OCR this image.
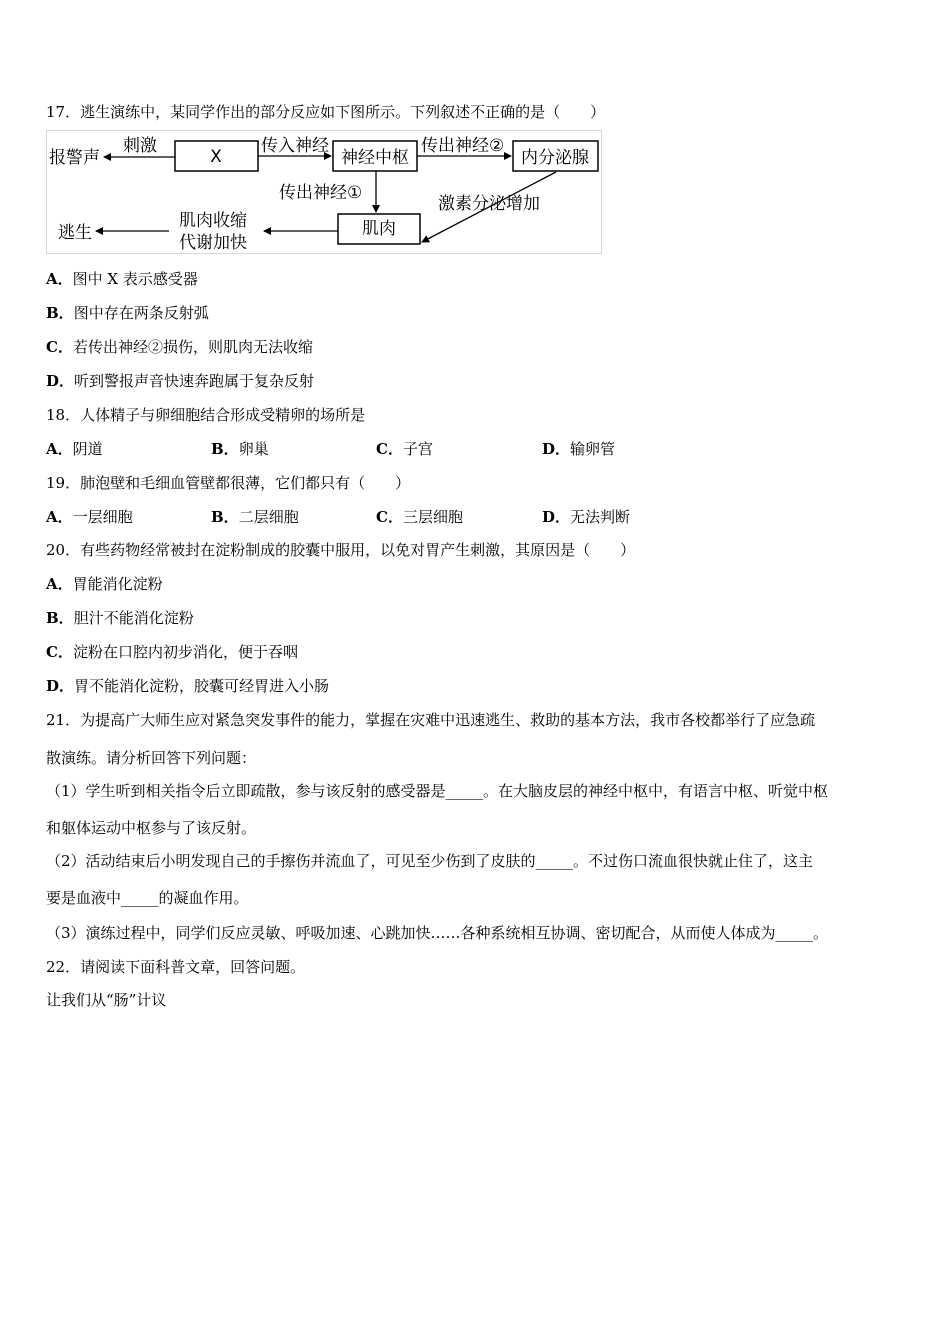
17．逃生演练中，某同学作出的部分反应如下图所示。下列叙述不正确的是（　　）
报警声
刺激
X
传入神经
神经中枢
传出神经②
内分泌腺
传出神经①
激素分泌增加
肌肉
肌肉收缩
代谢加快
逃生
A．图中 X 表示感受器
B．图中存在两条反射弧
C．若传出神经②损伤，则肌肉无法收缩
D．听到警报声音快速奔跑属于复杂反射
18．人体精子与卵细胞结合形成受精卵的场所是
A．阴道	B．卵巢	C．子宫	D．输卵管
19．肺泡壁和毛细血管壁都很薄，它们都只有（　　）
A．一层细胞	B．二层细胞	C．三层细胞	D．无法判断
20．有些药物经常被封在淀粉制成的胶囊中服用，以免对胃产生刺激，其原因是（　　）
A．胃能消化淀粉
B．胆汁不能消化淀粉
C．淀粉在口腔内初步消化，便于吞咽
D．胃不能消化淀粉，胶囊可经胃进入小肠
21．为提高广大师生应对紧急突发事件的能力，掌握在灾难中迅速逃生、救助的基本方法，我市各校都举行了应急疏
散演练。请分析回答下列问题：
（1）学生听到相关指令后立即疏散，参与该反射的感受器是_____。在大脑皮层的神经中枢中，有语言中枢、听觉中枢
和躯体运动中枢参与了该反射。
（2）活动结束后小明发现自己的手擦伤并流血了，可见至少伤到了皮肤的_____。不过伤口流血很快就止住了，这主
要是血液中_____的凝血作用。
（3）演练过程中，同学们反应灵敏、呼吸加速、心跳加快……各种系统相互协调、密切配合，从而使人体成为_____。
22．请阅读下面科普文章，回答问题。
让我们从“肠”计议
